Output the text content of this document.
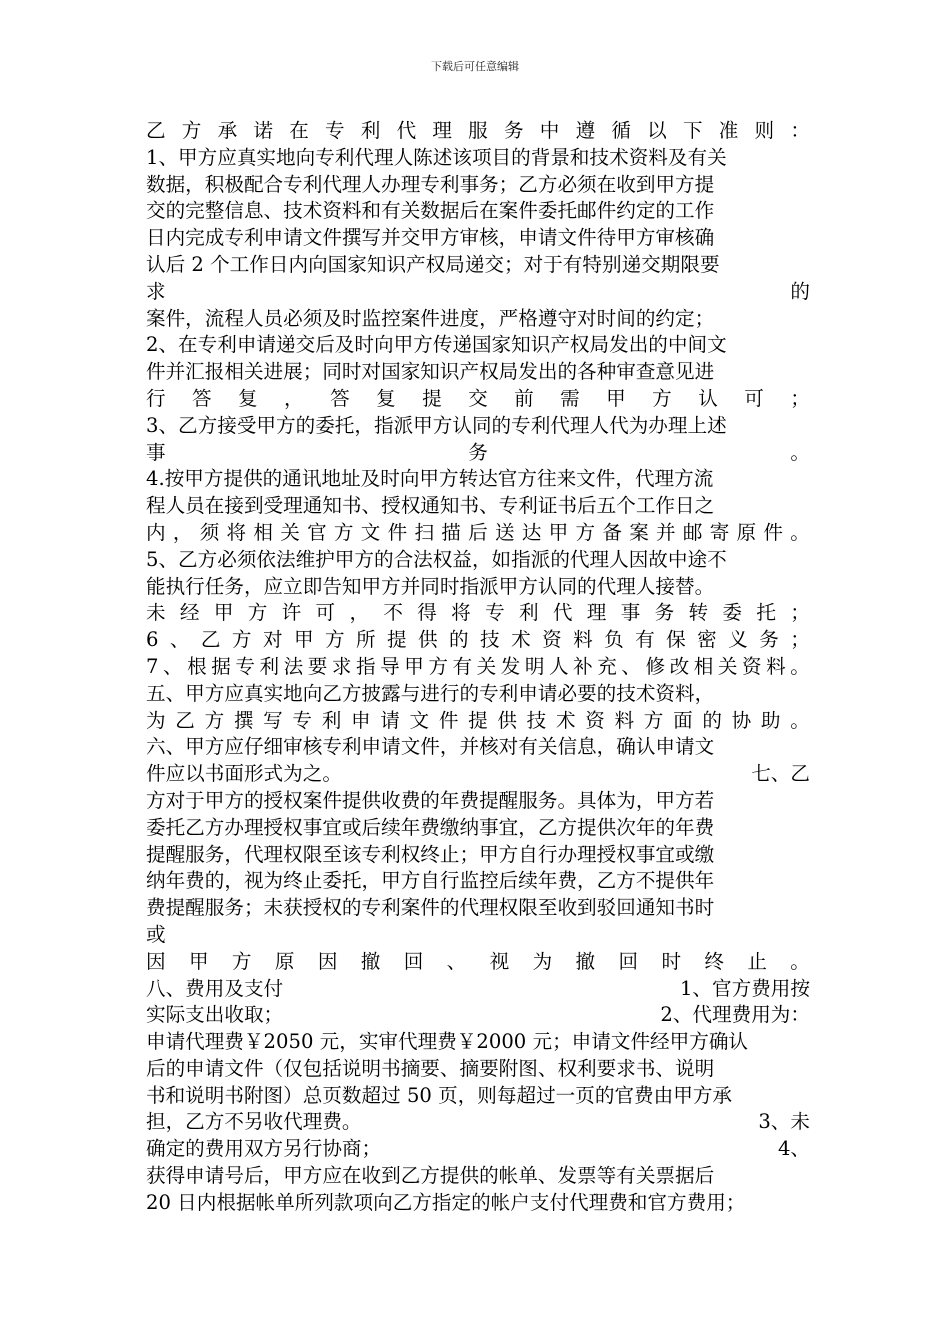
下载后可任意编辑
乙 方 承 诺 在 专 利 代 理 服 务 中 遵 循 以 下 准 则 ：
1、甲方应真实地向专利代理人陈述该项目的背景和技术资料及有关
数据，积极配合专利代理人办理专利事务；乙方必须在收到甲方提
交的完整信息、技术资料和有关数据后在案件委托邮件约定的工作
日内完成专利申请文件撰写并交甲方审核，申请文件待甲方审核确
认后 2 个工作日内向国家知识产权局递交；对于有特别递交期限要
求	的
案件，流程人员必须及时监控案件进度，严格遵守对时间的约定；
2、在专利申请递交后及时向甲方传递国家知识产权局发出的中间文
件并汇报相关进展；同时对国家知识产权局发出的各种审查意见进
行 答 复 ， 答 复 提 交 前 需 甲 方 认 可 ；
3、乙方接受甲方的委托，指派甲方认同的专利代理人代为办理上述
事	务	。
4.按甲方提供的通讯地址及时向甲方转达官方往来文件，代理方流
程人员在接到受理通知书、授权通知书、专利证书后五个工作日之
内 ， 须 将 相 关 官 方 文 件 扫 描 后 送 达 甲 方 备 案 并 邮 寄 原 件 。
5、乙方必须依法维护甲方的合法权益，如指派的代理人因故中途不
能执行任务，应立即告知甲方并同时指派甲方认同的代理人接替。
未 经 甲 方 许 可 ， 不 得 将 专 利 代 理 事 务 转 委 托 ；
6 、 乙 方 对 甲 方 所 提 供 的 技 术 资 料 负 有 保 密 义 务 ；
7 、 根 据 专 利 法 要 求 指 导 甲 方 有 关 发 明 人 补 充 、 修 改 相 关 资 料 。
五、甲方应真实地向乙方披露与进行的专利申请必要的技术资料，
为 乙 方 撰 写 专 利 申 请 文 件 提 供 技 术 资 料 方 面 的 协 助 。
六、甲方应仔细审核专利申请文件，并核对有关信息，确认申请文
件应以书面形式为之。	七、乙
方对于甲方的授权案件提供收费的年费提醒服务。具体为，甲方若
委托乙方办理授权事宜或后续年费缴纳事宜，乙方提供次年的年费
提醒服务，代理权限至该专利权终止；甲方自行办理授权事宜或缴
纳年费的，视为终止委托，甲方自行监控后续年费，乙方不提供年
费提醒服务；未获授权的专利案件的代理权限至收到驳回通知书时
或
因 甲 方 原 因 撤 回 、 视 为 撤 回 时 终 止 。
八、费用及支付	1、官方费用按
实际支出收取；	2、代理费用为：
申请代理费￥2050 元，实审代理费￥2000 元；申请文件经甲方确认
后的申请文件（仅包括说明书摘要、摘要附图、权利要求书、说明
书和说明书附图）总页数超过 50 页，则每超过一页的官费由甲方承
担，乙方不另收代理费。	3、未
确定的费用双方另行协商；	4、
获得申请号后，甲方应在收到乙方提供的帐单、发票等有关票据后
20 日内根据帐单所列款项向乙方指定的帐户支付代理费和官方费用；
